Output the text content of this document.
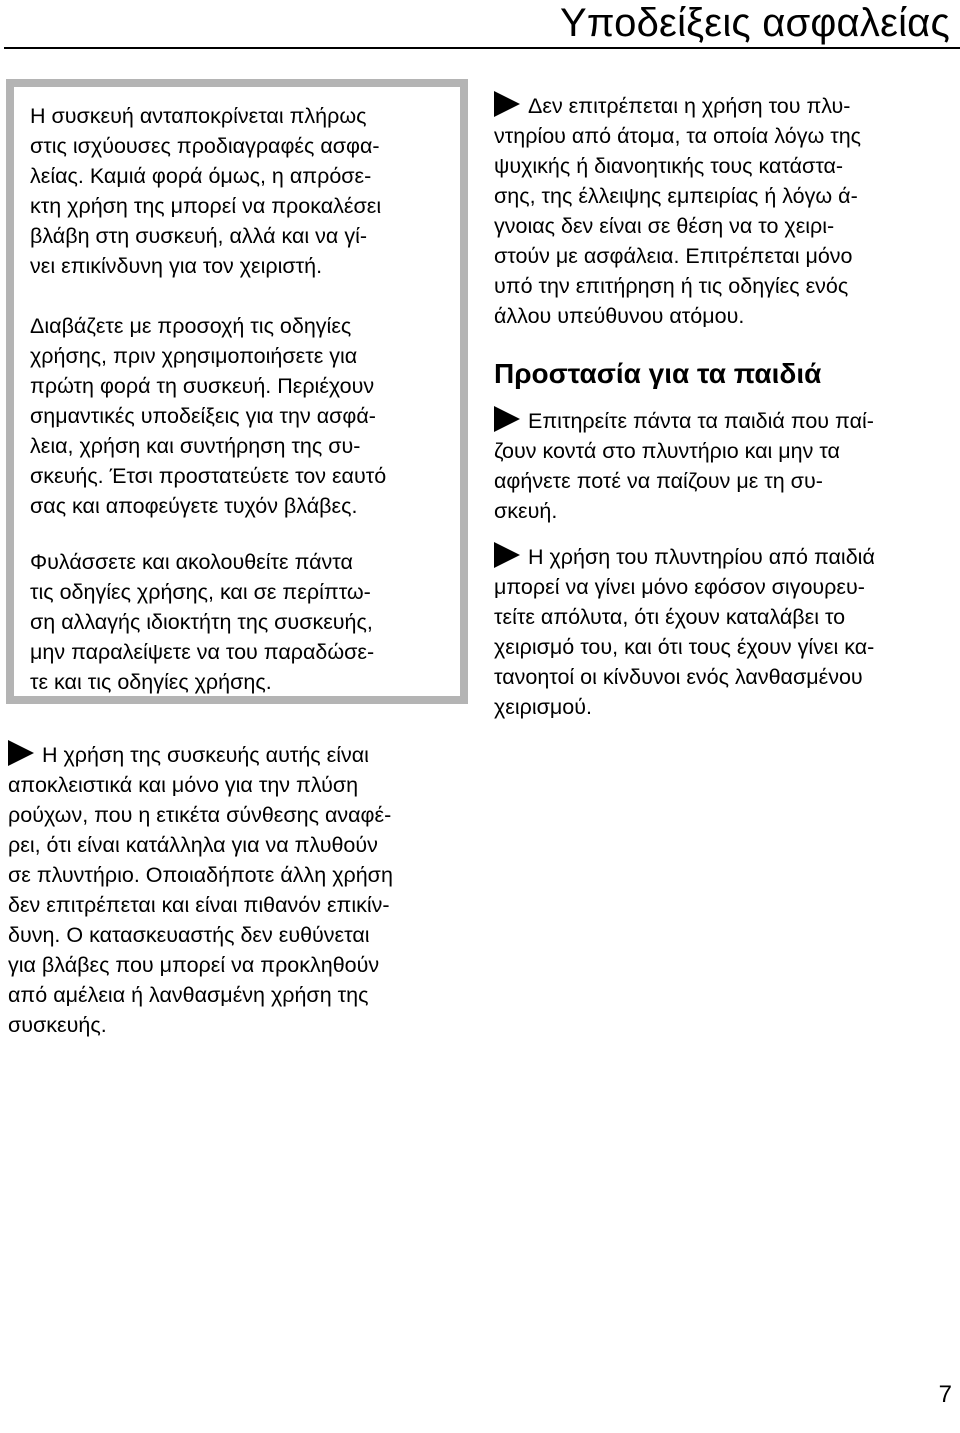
Υποδείξεις ασφαλείας

Η συσκευή ανταποκρίνεται πλήρως
στις ισχύουσες προδιαγραφές ασφα-
λείας. Καμιά φορά όμως, η απρόσε-
κτη χρήση της μπορεί να προκαλέσει
βλάβη στη συσκευή, αλλά και να γί-
νει επικίνδυνη για τον χειριστή.

Διαβάζετε με προσοχή τις οδηγίες
χρήσης, πριν χρησιμοποιήσετε για
πρώτη φορά τη συσκευή. Περιέχουν
σημαντικές υποδείξεις για την ασφά-
λεια, χρήση και συντήρηση της συ-
σκευής. Έτσι προστατεύετε τον εαυτό
σας και αποφεύγετε τυχόν βλάβες.

Φυλάσσετε και ακολουθείτε πάντα
τις οδηγίες χρήσης, και σε περίπτω-
ση αλλαγής ιδιοκτήτη της συσκευής,
μην παραλείψετε να του παραδώσε-
τε και τις οδηγίες χρήσης.

Η χρήση της συσκευής αυτής είναι
αποκλειστικά και μόνο για την πλύση
ρούχων, που η ετικέτα σύνθεσης αναφέ-
ρει, ότι είναι κατάλληλα για να πλυθούν
σε πλυντήριο. Οποιαδήποτε άλλη χρήση
δεν επιτρέπεται και είναι πιθανόν επικίν-
δυνη. Ο κατασκευαστής δεν ευθύνεται
για βλάβες που μπορεί να προκληθούν
από αμέλεια ή λανθασμένη χρήση της
συσκευής.
Δεν επιτρέπεται η χρήση του πλυ-
ντηρίου από άτομα, τα οποία λόγω της
ψυχικής ή διανοητικής τους κατάστα-
σης, της έλλειψης εμπειρίας ή λόγω ά-
γνοιας δεν είναι σε θέση να το χειρι-
στούν με ασφάλεια. Επιτρέπεται μόνο
υπό την επιτήρηση ή τις οδηγίες ενός
άλλου υπεύθυνου ατόμου.
Προστασία για τα παιδιά
Επιτηρείτε πάντα τα παιδιά που παί-
ζουν κοντά στο πλυντήριο και μην τα
αφήνετε ποτέ να παίζουν με τη συ-
σκευή.
Η χρήση του πλυντηρίου από παιδιά
μπορεί να γίνει μόνο εφόσον σιγουρευ-
τείτε απόλυτα, ότι έχουν καταλάβει το
χειρισμό του, και ότι τους έχουν γίνει κα-
τανοητοί οι κίνδυνοι ενός λανθασμένου
χειρισμού.
7
